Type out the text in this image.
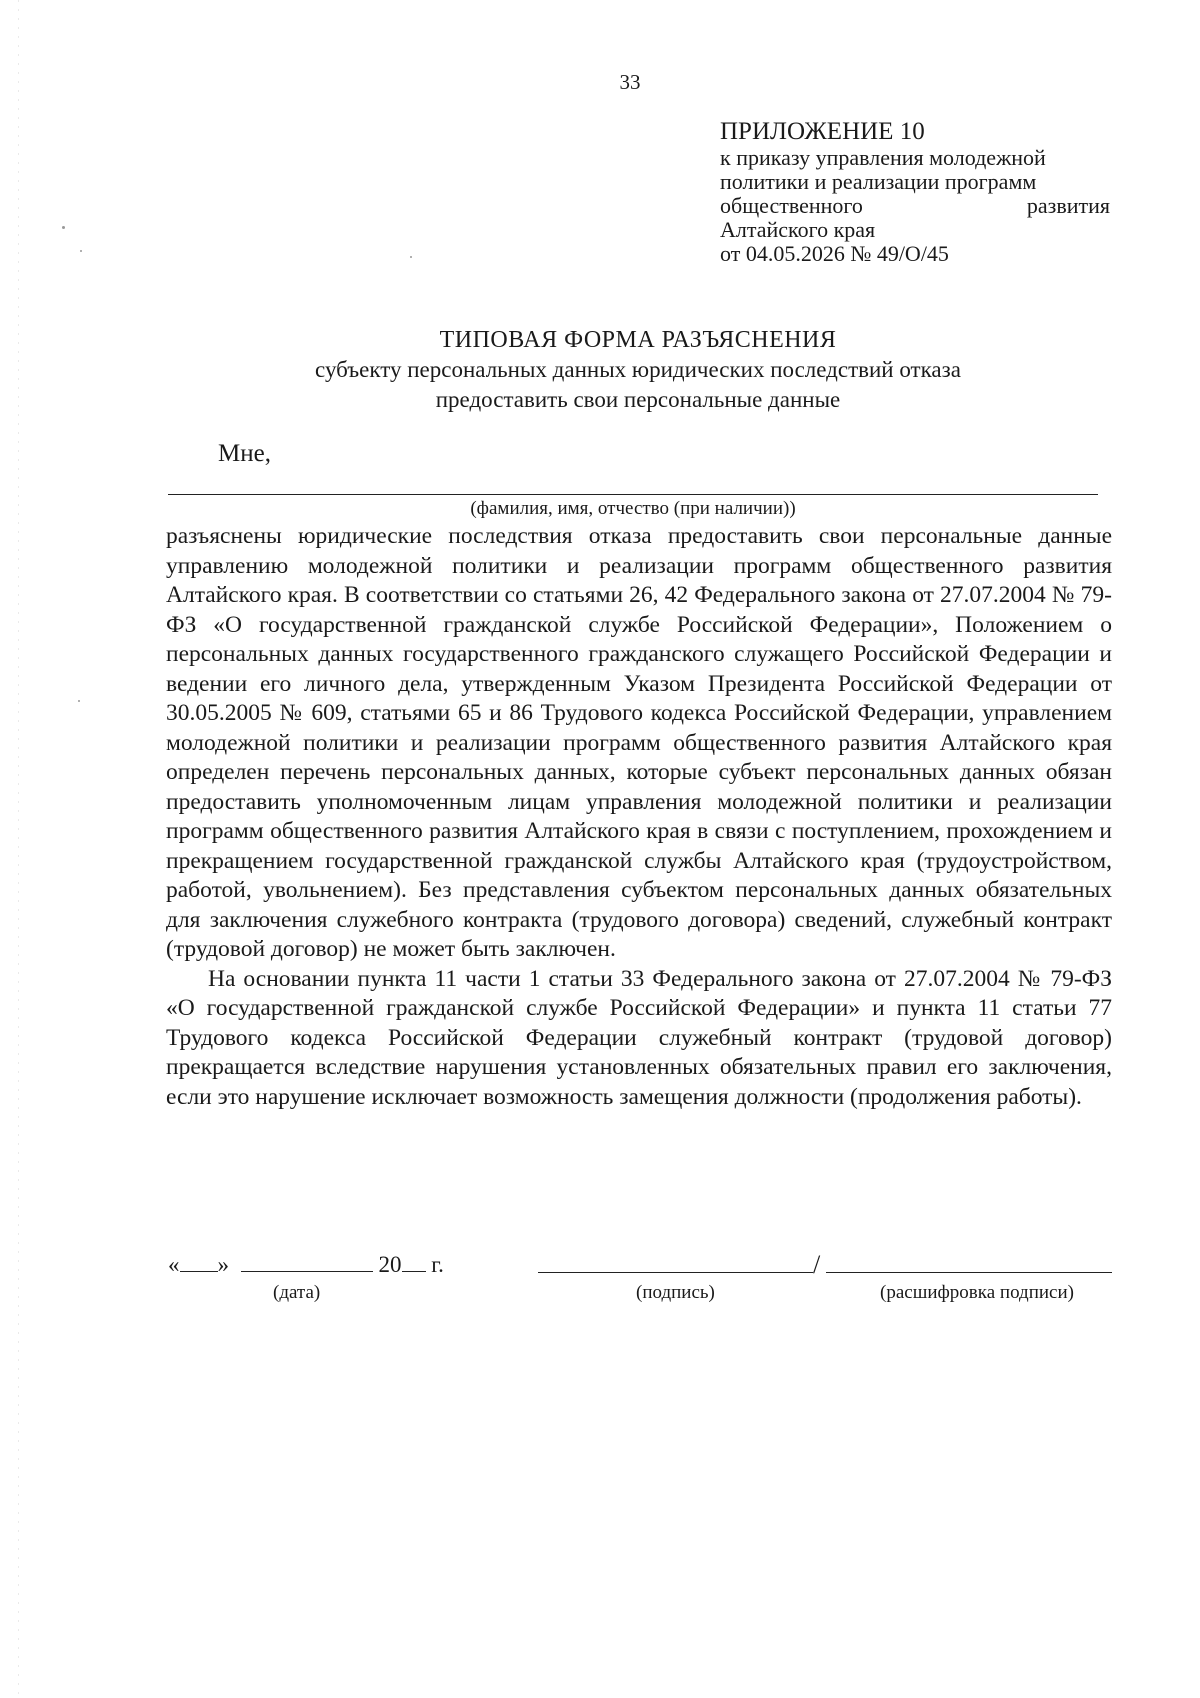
33
ПРИЛОЖЕНИЕ 10
к приказу управления молодежной
политики и реализации программ
общественного развития
Алтайского края
от 04.05.2026 № 49/О/45
ТИПОВАЯ ФОРМА РАЗЪЯСНЕНИЯ
субъекту персональных данных юридических последствий отказа
предоставить свои персональные данные
Мне,
(фамилия, имя, отчество (при наличии))

разъяснены юридические последствия отказа предоставить свои персональные данные управлению молодежной политики и реализации программ общественного развития Алтайского края. В соответствии со статьями 26, 42 Федерального закона от 27.07.2004 № 79-ФЗ «О государственной гражданской службе Российской Федерации», Положением о персональных данных государственного гражданского служащего Российской Федерации и ведении его личного дела, утвержденным Указом Президента Российской Федерации от 30.05.2005 № 609, статьями 65 и 86 Трудового кодекса Российской Федерации, управлением молодежной политики и реализации программ общественного развития Алтайского края определен перечень персональных данных, которые субъект персональных данных обязан предоставить уполномоченным лицам управления молодежной политики и реализации программ общественного развития Алтайского края в связи с поступлением, прохождением и прекращением государственной гражданской службы Алтайского края (трудоустройством, работой, увольнением). Без представления субъектом персональных данных обязательных для заключения служебного контракта (трудового договора) сведений, служебный контракт (трудовой договор) не может быть заключен.

На основании пункта 11 части 1 статьи 33 Федерального закона от 27.07.2004 № 79-ФЗ «О государственной гражданской службе Российской Федерации» и пункта 11 статьи 77 Трудового кодекса Российской Федерации служебный контракт (трудовой договор) прекращается вследствие нарушения установленных обязательных правил его заключения, если это нарушение исключает возможность замещения должности (продолжения работы).

« »	20 г.	/
(дата)	(подпись)	(расшифровка подписи)
